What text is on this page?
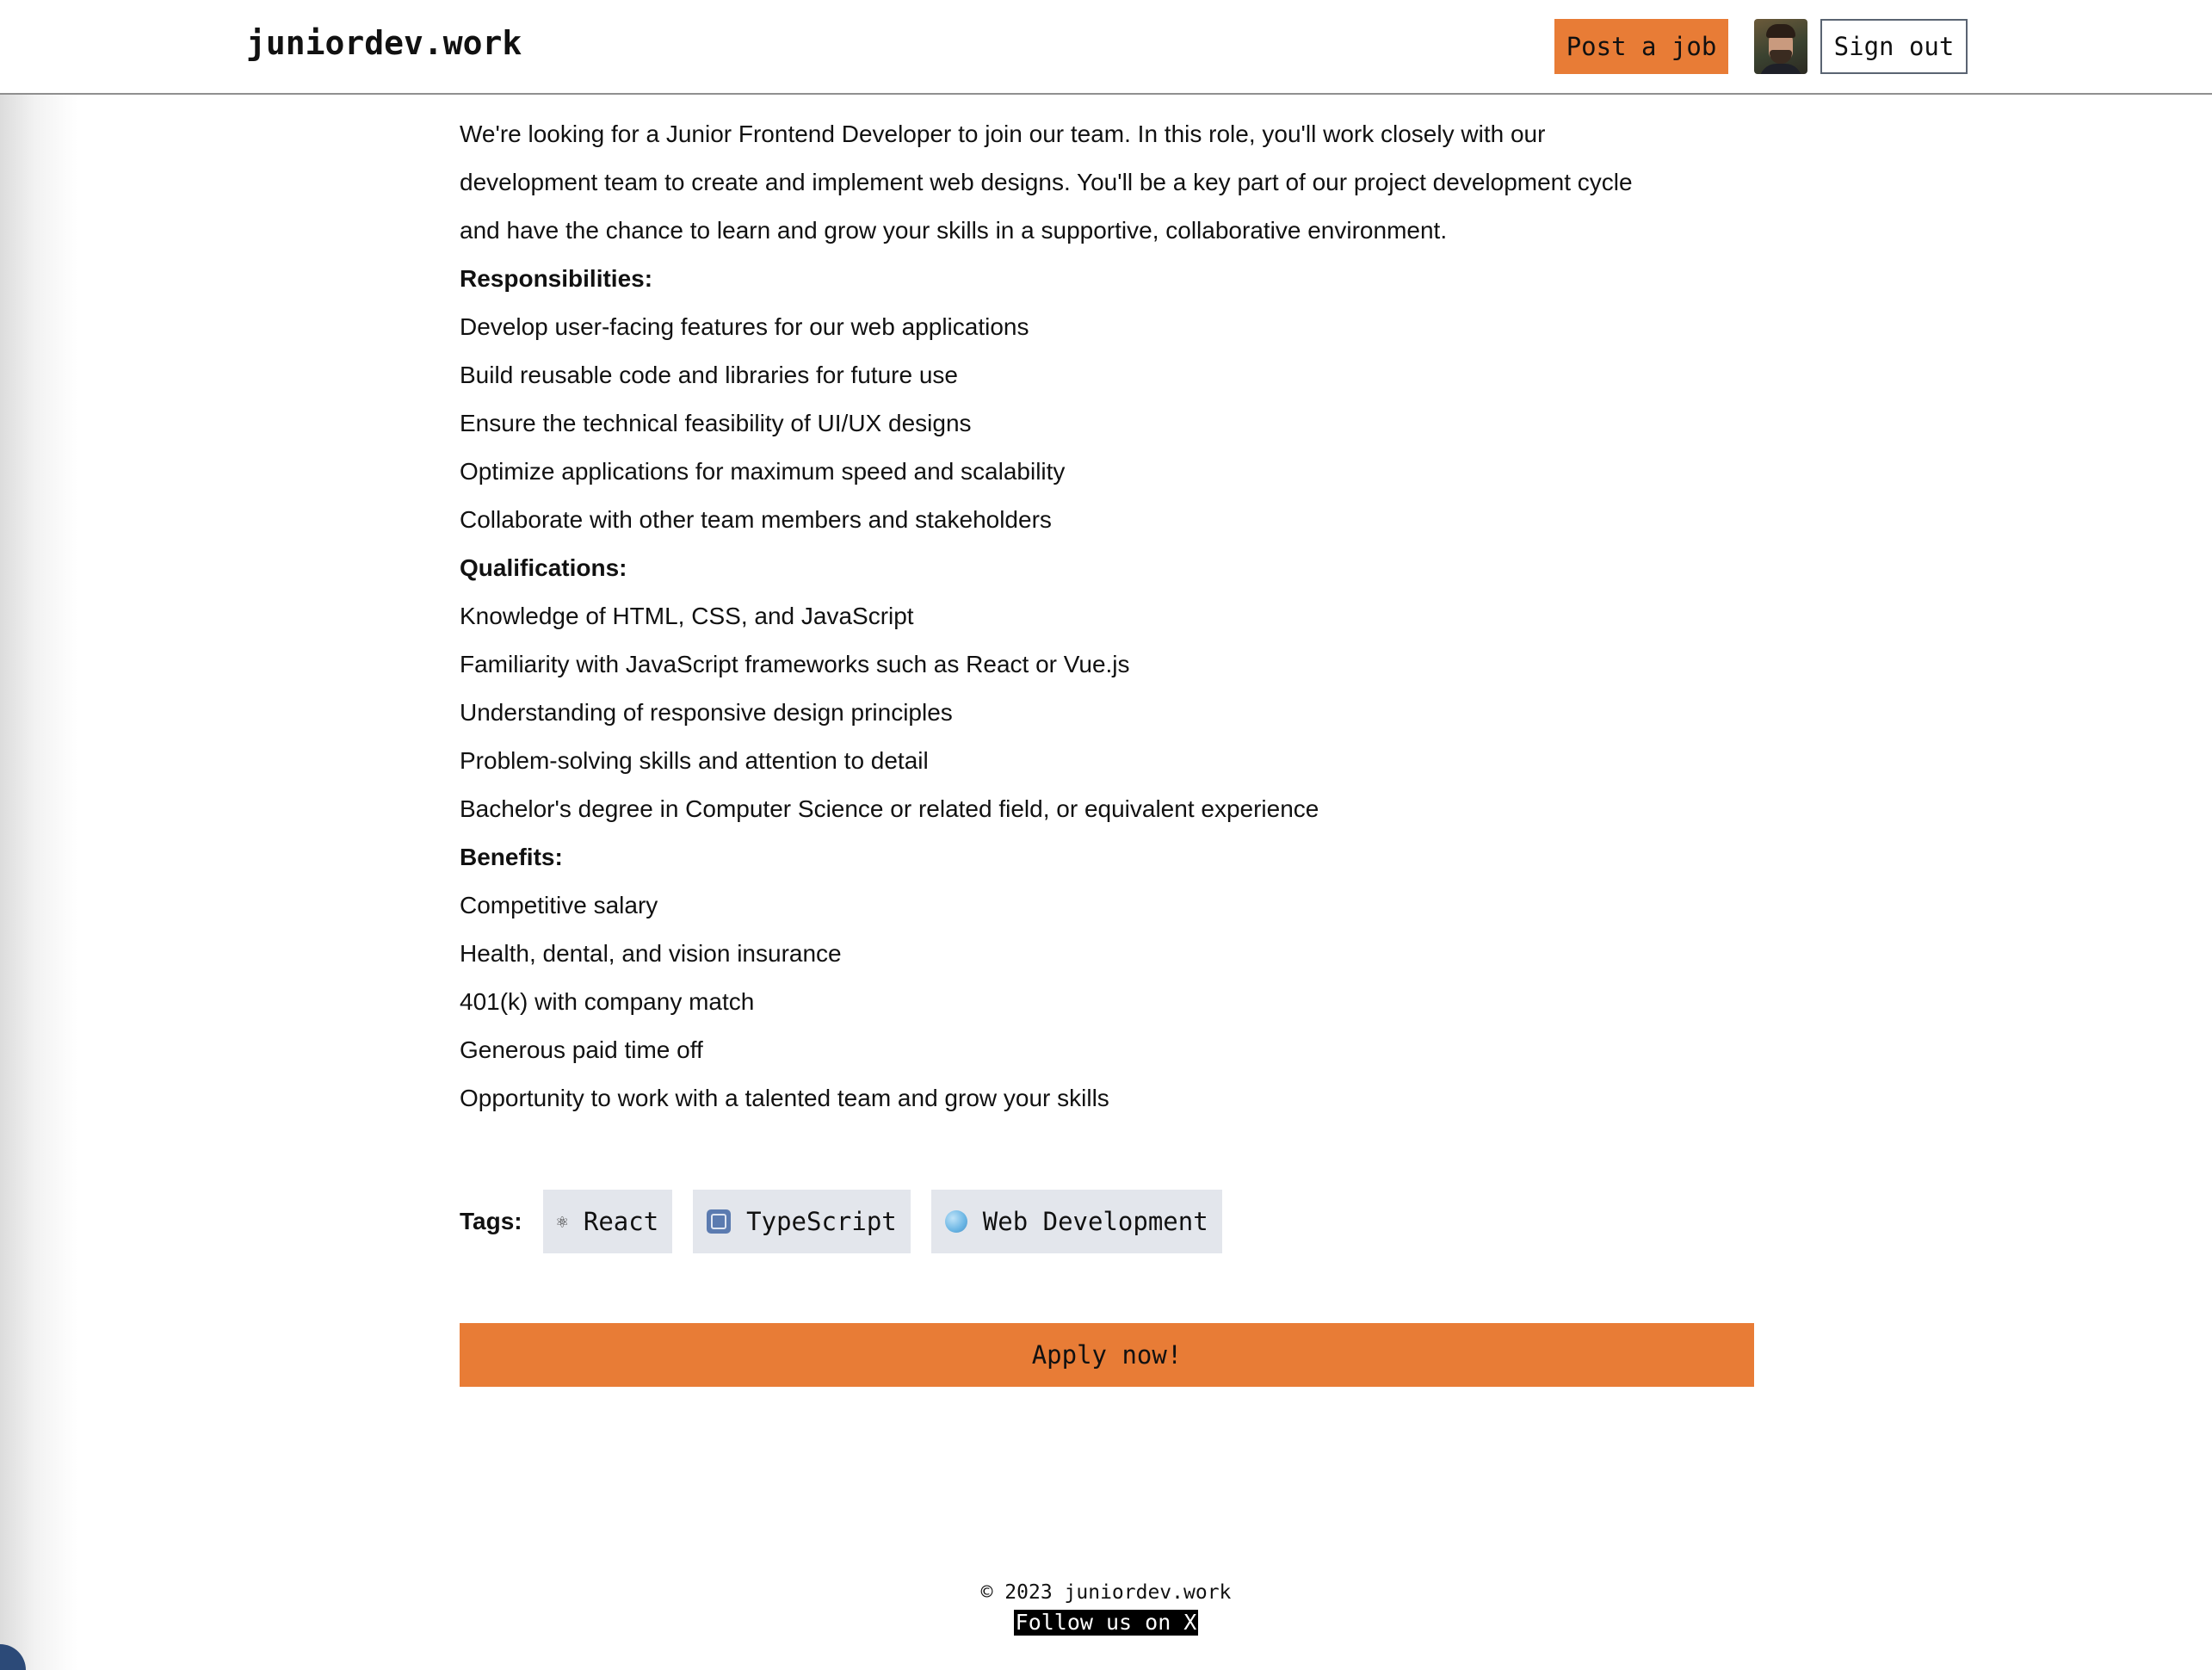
juniordev.work	Post a job	Sign out

We're looking for a Junior Frontend Developer to join our team. In this role, you'll work closely with our

development team to create and implement web designs. You'll be a key part of our project development cycle

and have the chance to learn and grow your skills in a supportive, collaborative environment.

Responsibilities:

Develop user-facing features for our web applications

Build reusable code and libraries for future use

Ensure the technical feasibility of UI/UX designs

Optimize applications for maximum speed and scalability

Collaborate with other team members and stakeholders

Qualifications:

Knowledge of HTML, CSS, and JavaScript

Familiarity with JavaScript frameworks such as React or Vue.js

Understanding of responsive design principles

Problem-solving skills and attention to detail

Bachelor's degree in Computer Science or related field, or equivalent experience

Benefits:

Competitive salary

Health, dental, and vision insurance

401(k) with company match

Generous paid time off

Opportunity to work with a talented team and grow your skills

Tags: ⚛ React	TypeScript	Web Development
Apply now!
© 2023 juniordev.work
Follow us on X
